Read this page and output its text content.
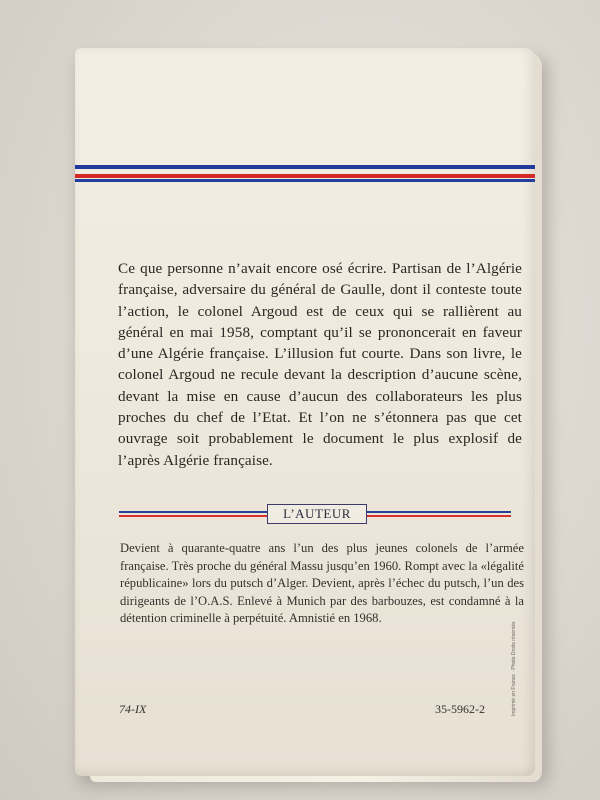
Ce que personne n’avait encore osé écrire. Partisan de l’Algérie française, adversaire du général de Gaulle, dont il conteste toute l’action, le colonel Argoud est de ceux qui se rallièrent au général en mai 1958, comptant qu’il se prononcerait en faveur d’une Algérie française. L’illusion fut courte. Dans son livre, le colonel Argoud ne recule devant la description d’aucune scène, devant la mise en cause d’aucun des collaborateurs les plus proches du chef de l’Etat. Et l’on ne s’étonnera pas que cet ouvrage soit probablement le document le plus explosif de l’après Algérie française.

L’AUTEUR

Devient à quarante-quatre ans l’un des plus jeunes colonels de l’armée française. Très proche du général Massu jusqu’en 1960. Rompt avec la «légalité républicaine» lors du putsch d’Alger. Devient, après l’échec du putsch, l’un des dirigeants de l’O.A.S. Enlevé à Munich par des barbouzes, est condamné à la détention criminelle à perpétuité. Amnistié en 1968.

74-IX	35-5962-2	Imprimé en France · Photo Droits réservés
